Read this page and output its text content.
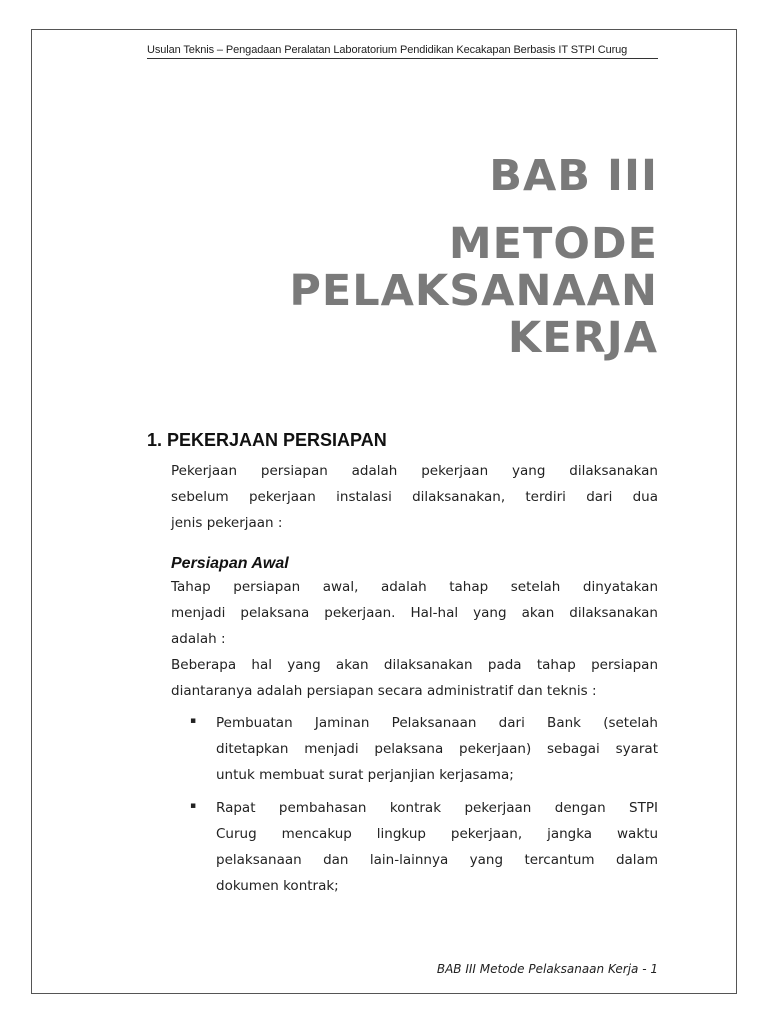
Usulan Teknis – Pengadaan Peralatan Laboratorium Pendidikan Kecakapan Berbasis IT STPI Curug
BAB III
METODE
PELAKSANAAN
KERJA
1. PEKERJAAN PERSIAPAN
Pekerjaan persiapan adalah pekerjaan yang dilaksanakan
sebelum pekerjaan instalasi dilaksanakan, terdiri dari dua
jenis pekerjaan :
Persiapan Awal
Tahap persiapan awal, adalah tahap setelah dinyatakan
menjadi pelaksana pekerjaan. Hal-hal yang akan dilaksanakan
adalah :
Beberapa hal yang akan dilaksanakan pada tahap persiapan
diantaranya adalah persiapan secara administratif dan teknis :
▪ Pembuatan Jaminan Pelaksanaan dari Bank (setelah
ditetapkan menjadi pelaksana pekerjaan) sebagai syarat
untuk membuat surat perjanjian kerjasama;
▪ Rapat pembahasan kontrak pekerjaan dengan STPI
Curug mencakup lingkup pekerjaan, jangka waktu
pelaksanaan dan lain-lainnya yang tercantum dalam
dokumen kontrak;
BAB III Metode Pelaksanaan Kerja - 1
